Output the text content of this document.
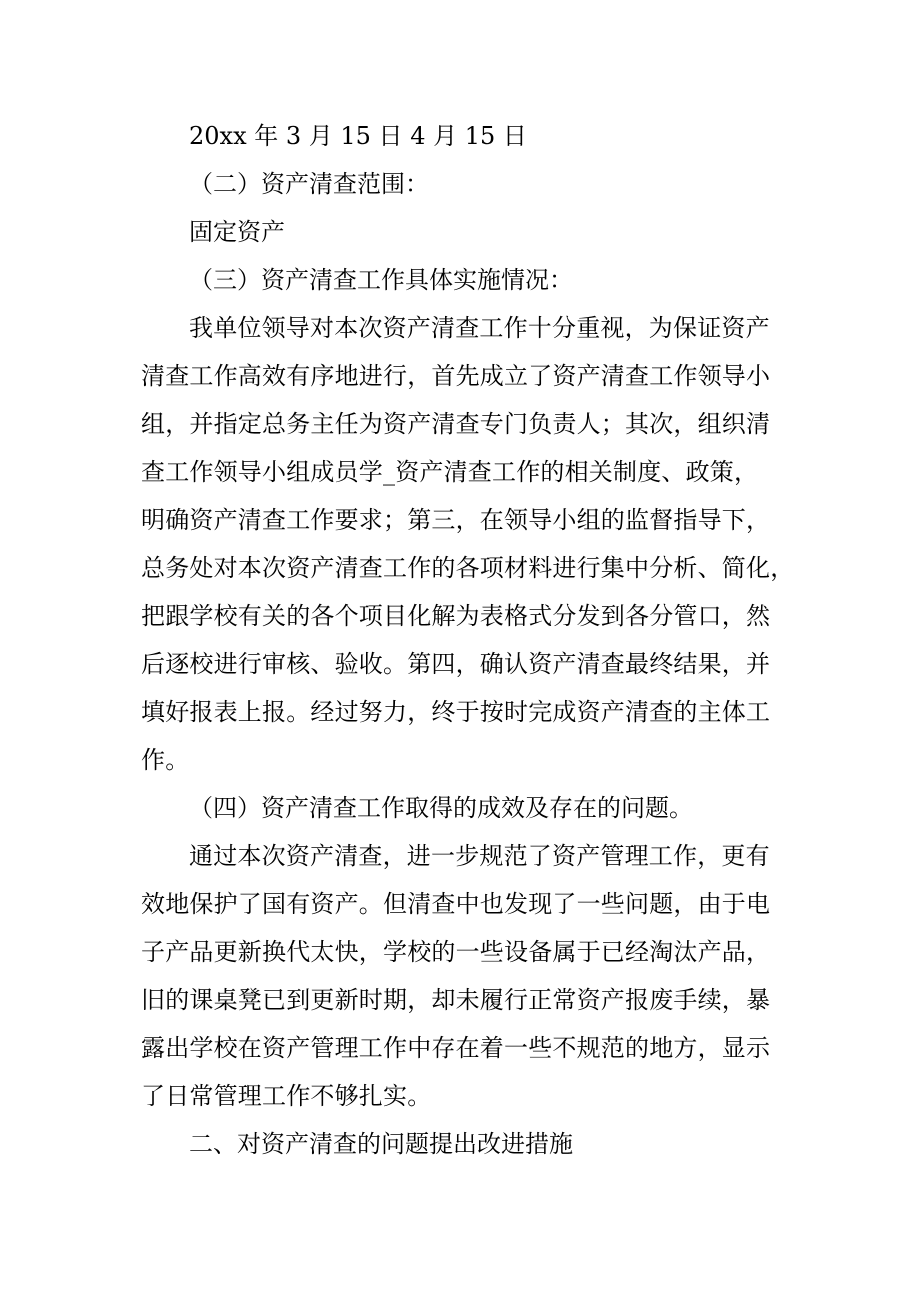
20xx 年 3 月 15 日 4 月 15 日

（二）资产清查范围：

固定资产

（三）资产清查工作具体实施情况：

我单位领导对本次资产清查工作十分重视，为保证资产

清查工作高效有序地进行，首先成立了资产清查工作领导小

组，并指定总务主任为资产清查专门负责人；其次，组织清

查工作领导小组成员学_资产清查工作的相关制度、政策，

明确资产清查工作要求；第三，在领导小组的监督指导下，

总务处对本次资产清查工作的各项材料进行集中分析、简化，

把跟学校有关的各个项目化解为表格式分发到各分管口，然

后逐校进行审核、验收。第四，确认资产清查最终结果，并

填好报表上报。经过努力，终于按时完成资产清查的主体工

作。

（四）资产清查工作取得的成效及存在的问题。

通过本次资产清查，进一步规范了资产管理工作，更有

效地保护了国有资产。但清查中也发现了一些问题，由于电

子产品更新换代太快，学校的一些设备属于已经淘汰产品，

旧的课桌凳已到更新时期，却未履行正常资产报废手续，暴

露出学校在资产管理工作中存在着一些不规范的地方，显示

了日常管理工作不够扎实。

二、对资产清查的问题提出改进措施
